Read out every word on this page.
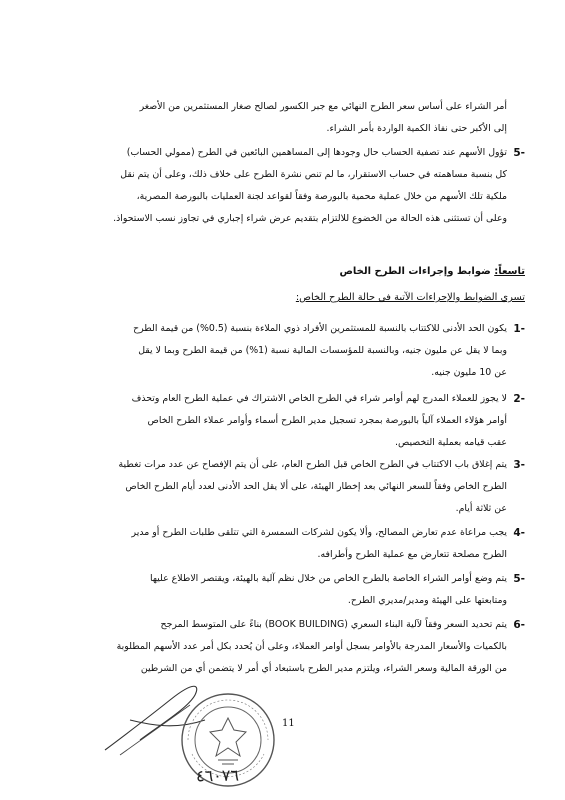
أمر الشراء على أساس سعر الطرح النهائي مع جبر الكسور لصالح صغار المستثمرين من الأصغر
إلى الأكبر حتى نفاذ الكمية الواردة بأمر الشراء.
5-
تؤول الأسهم عند تصفية الحساب حال وجودها إلى المساهمين البائعين في الطرح (ممولي الحساب)
كل بنسبة مساهمته في حساب الاستقرار، ما لم تنص نشرة الطرح على خلاف ذلك، وعلى أن يتم نقل
ملكية تلك الأسهم من خلال عملية محمية بالبورصة وفقاً لقواعد لجنة العمليات بالبورصة المصرية،
وعلى أن تستثنى هذه الحالة من الخضوع للالتزام بتقديم عرض شراء إجباري في تجاوز نسب الاستحواذ.
تاسعاً: ضوابط وإجراءات الطرح الخاص
تسري الضوابط والإجراءات الآتية في حالة الطرح الخاص:
1-
يكون الحد الأدنى للاكتتاب بالنسبة للمستثمرين الأفراد ذوي الملاءة بنسبة (0.5%) من قيمة الطرح
وبما لا يقل عن مليون جنيه، وبالنسبة للمؤسسات المالية نسبة (1%) من قيمة الطرح وبما لا يقل
عن 10 مليون جنيه.
2-
لا يجوز للعملاء المدرج لهم أوامر شراء في الطرح الخاص الاشتراك في عملية الطرح العام وتحذف
أوامر هؤلاء العملاء آلياً بالبورصة بمجرد تسجيل مدير الطرح أسماء وأوامر عملاء الطرح الخاص
عقب قيامه بعملية التخصيص.
3-
يتم إغلاق باب الاكتتاب في الطرح الخاص قبل الطرح العام، على أن يتم الإفصاح عن عدد مرات تغطية
الطرح الخاص وفقاً للسعر النهائي بعد إخطار الهيئة، على ألا يقل الحد الأدنى لعدد أيام الطرح الخاص
عن ثلاثة أيام.
4-
يجب مراعاة عدم تعارض المصالح، وألا يكون لشركات السمسرة التي تتلقى طلبات الطرح أو مدير
الطرح مصلحة تتعارض مع عملية الطرح وأطرافه.
5-
يتم وضع أوامر الشراء الخاصة بالطرح الخاص من خلال نظم آلية بالهيئة، ويقتصر الاطلاع عليها
ومتابعتها على الهيئة ومدير/مديري الطرح.
6-
يتم تحديد السعر وفقاً لآلية البناء السعري (BOOK BUILDING) بناءً على المتوسط المرجح
بالكميات والأسعار المدرجة بالأوامر بسجل أوامر العملاء، وعلى أن يُحدد بكل أمر عدد الأسهم المطلوبة
من الورقة المالية وسعر الشراء، ويلتزم مدير الطرح باستبعاد أي أمر لا يتضمن أي من الشرطين
11
٤٦٠٧٦
